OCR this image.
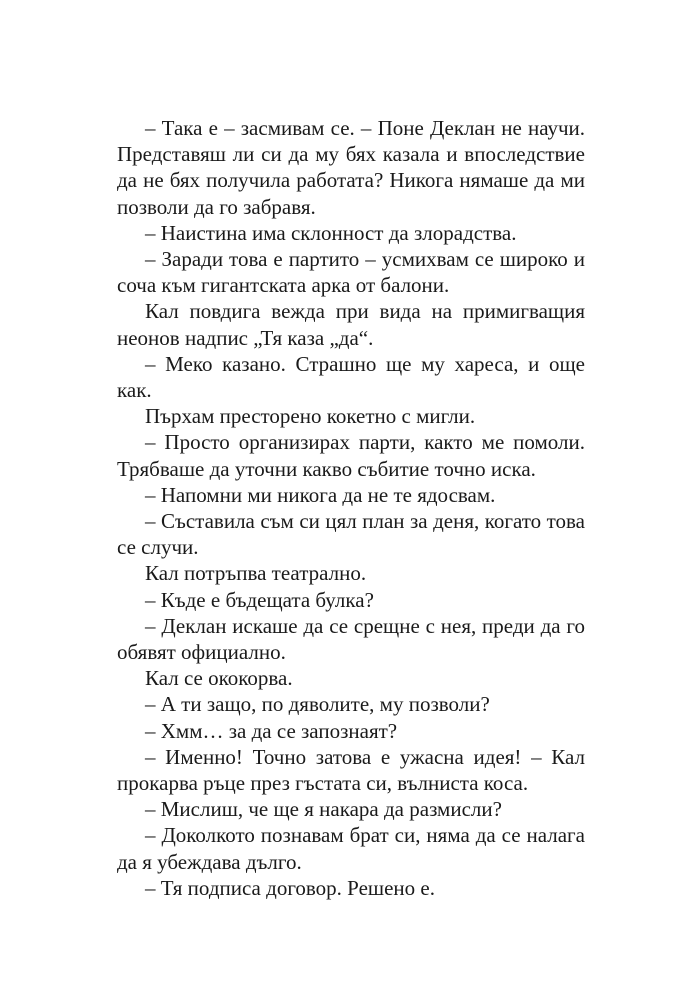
– Така е – засмивам се. – Поне Деклан не научи. Представяш ли си да му бях казала и впоследствие да не бях получила работата? Никога нямаше да ми позволи да го забравя.

– Наистина има склонност да злорадства.

– Заради това е партито – усмихвам се широко и соча към гигантската арка от балони.

Кал повдига вежда при вида на примигващия неонов надпис „Тя каза „да“.

– Меко казано. Страшно ще му хареса, и още как.

Пърхам престорено кокетно с мигли.

– Просто организирах парти, както ме помоли. Трябваше да уточни какво събитие точно иска.

– Напомни ми никога да не те ядосвам.

– Съставила съм си цял план за деня, когато това се случи.

Кал потръпва театрално.

– Къде е бъдещата булка?

– Деклан искаше да се срещне с нея, преди да го обявят официално.

Кал се ококорва.

– А ти защо, по дяволите, му позволи?

– Хмм… за да се запознаят?

– Именно! Точно затова е ужасна идея! – Кал прокарва ръце през гъстата си, вълниста коса.

– Мислиш, че ще я накара да размисли?

– Доколкото познавам брат си, няма да се налага да я убеждава дълго.

– Тя подписа договор. Решено е.
